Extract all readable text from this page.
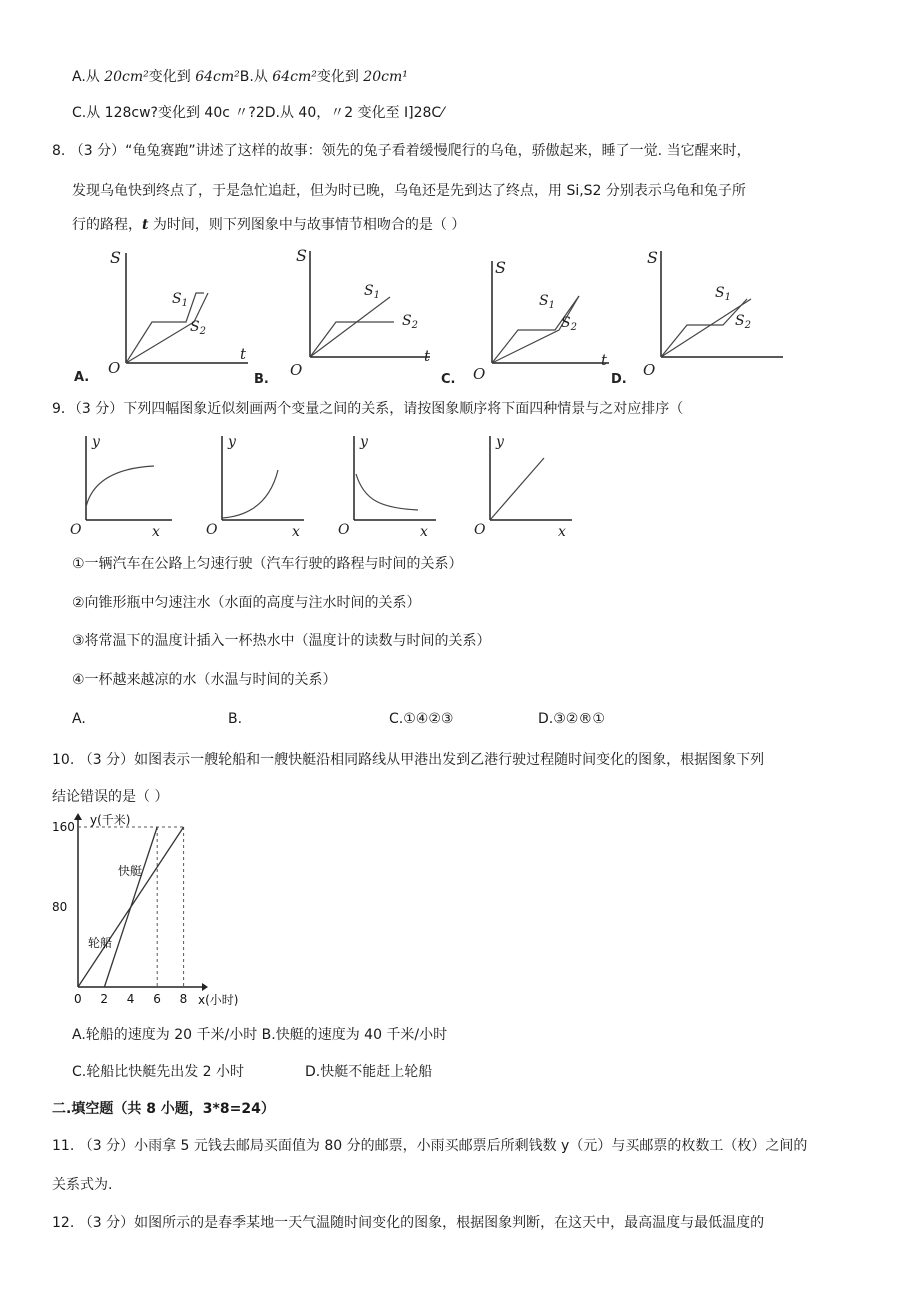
A.从 20cm²变化到 64cm²B.从 64cm²变化到 20cm¹
C.从 128cw?变化到 40c 〃?2D.从 40，〃2 变化至 I]28C⁄
8. （3 分）“龟兔赛跑”讲述了这样的故事：领先的兔子看着缓慢爬行的乌龟，骄傲起来，睡了一觉. 当它醒来时，
发现乌龟快到终点了，于是急忙追赶，但为时已晚，乌龟还是先到达了终点，用 Si,S2 分别表示乌龟和兔子所
行的路程，t 为时间，则下列图象中与故事情节相吻合的是（ ）
S
t
O
$S_1$
$S_2$
A.
S
t
O
$S_1$
$S_2$
B.
S
t
O
$S_1$
$S_2$
C.
S
O
$S_1$
$S_2$
D.
9．（3 分）下列四幅图象近似刻画两个变量之间的关系，请按图象顺序将下面四种情景与之对应排序（
y
x
O
y
x
O
y
x
O
y
x
O
①一辆汽车在公路上匀速行驶（汽车行驶的路程与时间的关系）
②向锥形瓶中匀速注水（水面的高度与注水时间的关系）
③将常温下的温度计插入一杯热水中（温度计的读数与时间的关系）
④一杯越来越凉的水（水温与时间的关系）
A.	B.	C.①④②③	D.③②®①
10. （3 分）如图表示一艘轮船和一艘快艇沿相同路线从甲港出发到乙港行驶过程随时间变化的图象，根据图象下列
结论错误的是（ ）
y(千米)
x(小时)
160
80
0 2 4 6 8
快艇
轮船
A.轮船的速度为 20 千米/小时 B.快艇的速度为 40 千米/小时
C.轮船比快艇先出发 2 小时	D.快艇不能赶上轮船
二.填空题（共 8 小题，3*8=24）
11. （3 分）小雨拿 5 元钱去邮局买面值为 80 分的邮票，小雨买邮票后所剩钱数 y（元）与买邮票的枚数工（枚）之间的
关系式为.
12. （3 分）如图所示的是春季某地一天气温随时间变化的图象，根据图象判断，在这天中，最高温度与最低温度的
